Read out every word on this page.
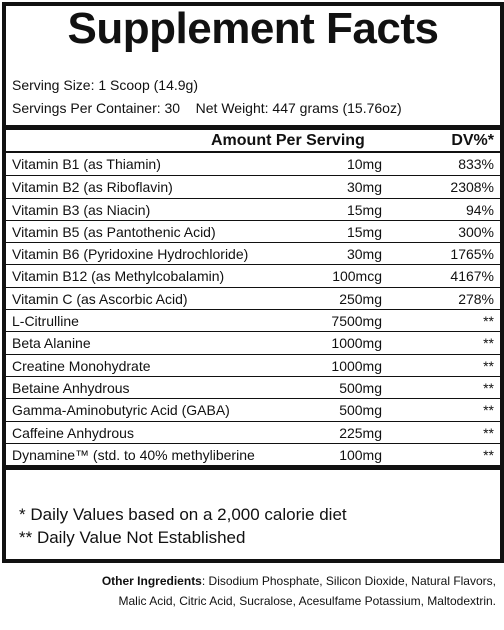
Supplement Facts
Serving Size: 1 Scoop (14.9g)
Servings Per Container: 30    Net Weight: 447 grams (15.76oz)
Amount Per Serving	DV%*
Vitamin B1 (as Thiamin)	10mg	833%
Vitamin B2 (as Riboflavin)	30mg	2308%
Vitamin B3 (as Niacin)	15mg	94%
Vitamin B5 (as Pantothenic Acid)	15mg	300%
Vitamin B6 (Pyridoxine Hydrochloride)	30mg	1765%
Vitamin B12 (as Methylcobalamin)	100mcg	4167%
Vitamin C (as Ascorbic Acid)	250mg	278%
L-Citrulline	7500mg	**
Beta Alanine	1000mg	**
Creatine Monohydrate	1000mg	**
Betaine Anhydrous	500mg	**
Gamma-Aminobutyric Acid (GABA)	500mg	**
Caffeine Anhydrous	225mg	**
Dynamine™ (std. to 40% methyliberine	100mg	**
* Daily Values based on a 2,000 calorie diet
** Daily Value Not Established
Other Ingredients: Disodium Phosphate, Silicon Dioxide, Natural Flavors, Malic Acid, Citric Acid, Sucralose, Acesulfame Potassium, Maltodextrin.
